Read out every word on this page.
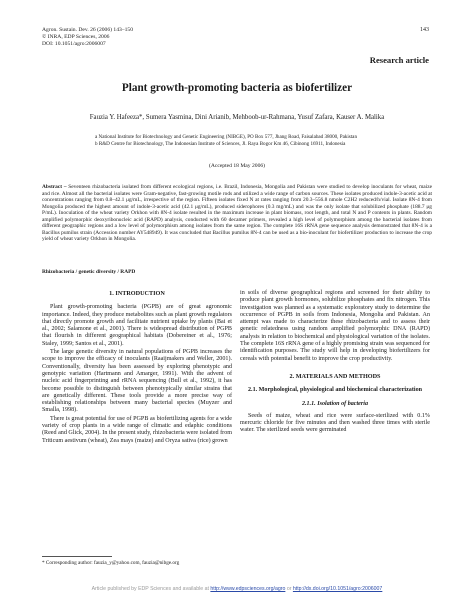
Agron. Sustain. Dev. 26 (2006) 143–150
© INRA, EDP Sciences, 2006
DOI: 10.1051/agro:2006007
143
Research article
Plant growth-promoting bacteria as biofertilizer
Fauzia Y. Hafeeza*, Sumera Yasmina, Dini Arianib, Mehboob-ur-Rahmana, Yusuf Zafara, Kauser A. Malika
a National Institute for Biotechnology and Genetic Engineering (NIBGE), PO Box 577, Jhang Road, Faisalabad 38000, Pakistan
b R&D Centre for Biotechnology, The Indonesian Institute of Sciences, Jl. Raya Bogor Km 46, Cibinong 16911, Indonesia
(Accepted 18 May 2006)
Abstract – Seventeen rhizobacteria isolated from different ecological regions, i.e. Brazil, Indonesia, Mongolia and Pakistan were studied to develop inoculants for wheat, maize and rice. Almost all the bacterial isolates were Gram-negative, fast-growing motile rods and utilized a wide range of carbon sources. These isolates produced indole-3-acetic acid at concentrations ranging from 0.8–42.1 μg/mL, irrespective of the region. Fifteen isolates fixed N at rates ranging from 20.3–556.8 nmole C2H2 reduced/h/vial. Isolate 8N-4 from Mongolia produced the highest amount of indole-3-acetic acid (42.1 μg/mL), produced siderophores (0.3 mg/mL) and was the only isolate that solubilized phosphate (188.7 μg P/mL). Inoculation of the wheat variety Orkhon with 8N-4 isolate resulted in the maximum increase in plant biomass, root length, and total N and P contents in plants. Random amplified polymorphic deoxyribonucleic acid (RAPD) analysis, conducted with 60 decamer primers, revealed a high level of polymorphism among the bacterial isolates from different geographic regions and a low level of polymorphism among isolates from the same region. The complete 16S rRNA gene sequence analysis demonstrated that 8N-4 is a Bacillus pumilus strain (Accession number AY548949). It was concluded that Bacillus pumilus 8N-4 can be used as a bio-inoculant for biofertilizer production to increase the crop yield of wheat variety Orkhon in Mongolia.
Rhizobacteria / genetic diversity / RAPD
1. INTRODUCTION

Plant growth-promoting bacteria (PGPB) are of great agronomic importance. Indeed, they produce metabolites such as plant growth regulators that directly promote growth and facilitate nutrient uptake by plants (Bai et al., 2002; Salamone et al., 2001). There is widespread distribution of PGPB that flourish in different geographical habitats (Dobereiner et al., 1976; Staley, 1999; Santos et al., 2001).

The large genetic diversity in natural populations of PGPB increases the scope to improve the efficacy of inoculants (Raaijmakers and Weller, 2001). Conventionally, diversity has been assessed by exploring phenotypic and genotypic variation (Hartmann and Amarger, 1991). With the advent of nucleic acid fingerprinting and rRNA sequencing (Bull et al., 1992), it has become possible to distinguish between phenotypically similar strains that are genetically different. These tools provide a more precise way of establishing relationships between many bacterial species (Muyzer and Smalla, 1998).

There is great potential for use of PGPB as biofertilizing agents for a wide variety of crop plants in a wide range of climatic and edaphic conditions (Reed and Glick, 2004). In the present study, rhizobacteria were isolated from Triticum aestivum (wheat), Zea mays (maize) and Oryza sativa (rice) grown

in soils of diverse geographical regions and screened for their ability to produce plant growth hormones, solubilize phosphates and fix nitrogen. This investigation was planned as a systematic exploratory study to determine the occurrence of PGPB in soils from Indonesia, Mongolia and Pakistan. An attempt was made to characterize these rhizobacteria and to assess their genetic relatedness using random amplified polymorphic DNA (RAPD) analysis in relation to biochemical and physiological variation of the isolates. The complete 16S rRNA gene of a highly promising strain was sequenced for identification purposes. The study will help in developing biofertilizers for cereals with potential benefit to improve the crop productivity.

2. MATERIALS AND METHODS
2.1. Morphological, physiological and biochemical characterization
2.1.1. Isolation of bacteria

Seeds of maize, wheat and rice were surface-sterilized with 0.1% mercuric chloride for five minutes and then washed three times with sterile water. The sterilized seeds were germinated

* Corresponding author: fauzia_y@yahoo.com, fauzia@nibge.org
Article published by EDP Sciences and available at http://www.edpsciences.org/agro or http://dx.doi.org/10.1051/agro:2006007
